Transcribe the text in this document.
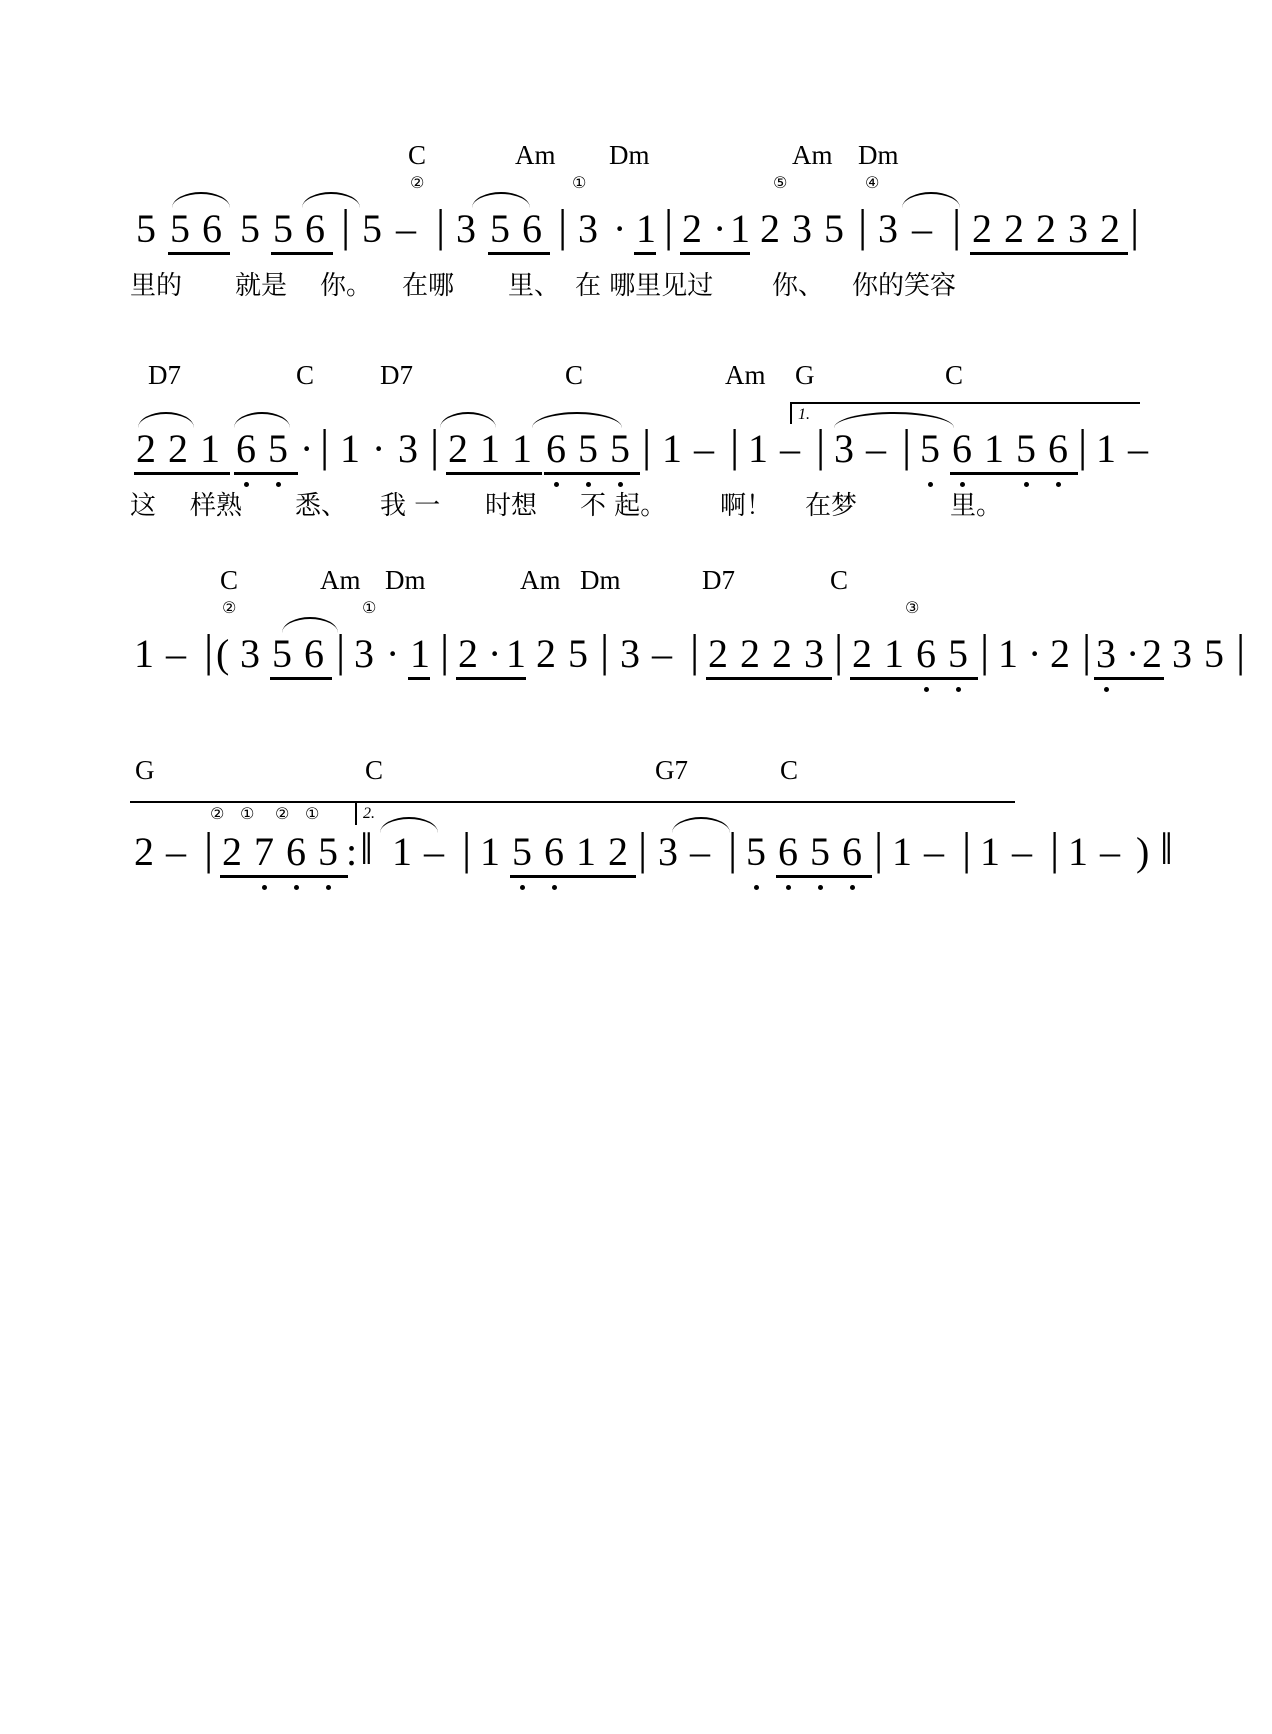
C	Am Dm	Am Dm
②	①	⑤	④
5 5 6 5 5 6 | 5 – | 3 5 6 | 3 · 1 | 2 · 1 2 3 5 | 3 – | 2 2 2 3 2 |
里的 就是 你。 在哪 里、 在 哪里见过 你、 你的笑容
D7	C D7	C	Am G	C
1.
2 2 1 6 5 · | 1 · 3 | 2 1 1 6 5 5 | 1 – | 1 – | 3 – | 5 6 1 5 6 | 1 –
这 样熟 悉、 我 一 时想 不 起。 啊！ 在梦	里。
C	Am Dm	Am Dm	D7	C
②	①	③
1 – | ( 3 5 6 | 3 · 1 | 2 · 1 2 5 | 3 – | 2 2 2 3 | 2 1 6 5 | 1 · 2 | 3 · 2 3 5 |
G	C	G7	C
2.
② ① ② ①
2 – | 2 7 6 5 : ‖ 1 – | 1 5 6 1 2 | 3 – | 5 6 5 6 | 1 – | 1 – | 1 – ) ‖
